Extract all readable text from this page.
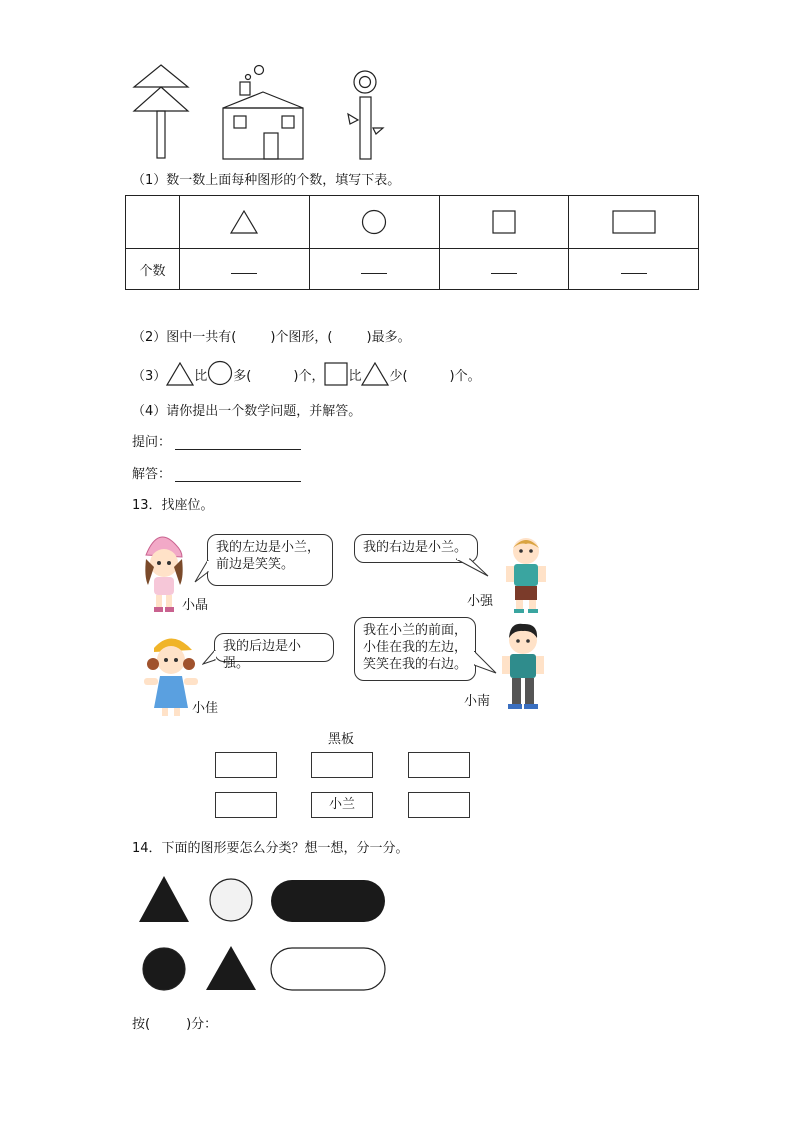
（1）数一数上面每种图形的个数，填写下表。

个数				
（2）图中一共有(	)个图形，(	)最多。
（3） 比 多(	)个， 比 少(	)个。
（4）请你提出一个数学问题，并解答。
提问：
解答：
13．找座位。
小晶
我的左边是小兰，
前边是笑笑。
我的右边是小兰。
小强
小佳
我的后边是小强。
我在小兰的前面，
小佳在我的左边，
笑笑在我的右边。
小南
黑板
小兰
14．下面的图形要怎么分类？想一想，分一分。
按(	)分：
